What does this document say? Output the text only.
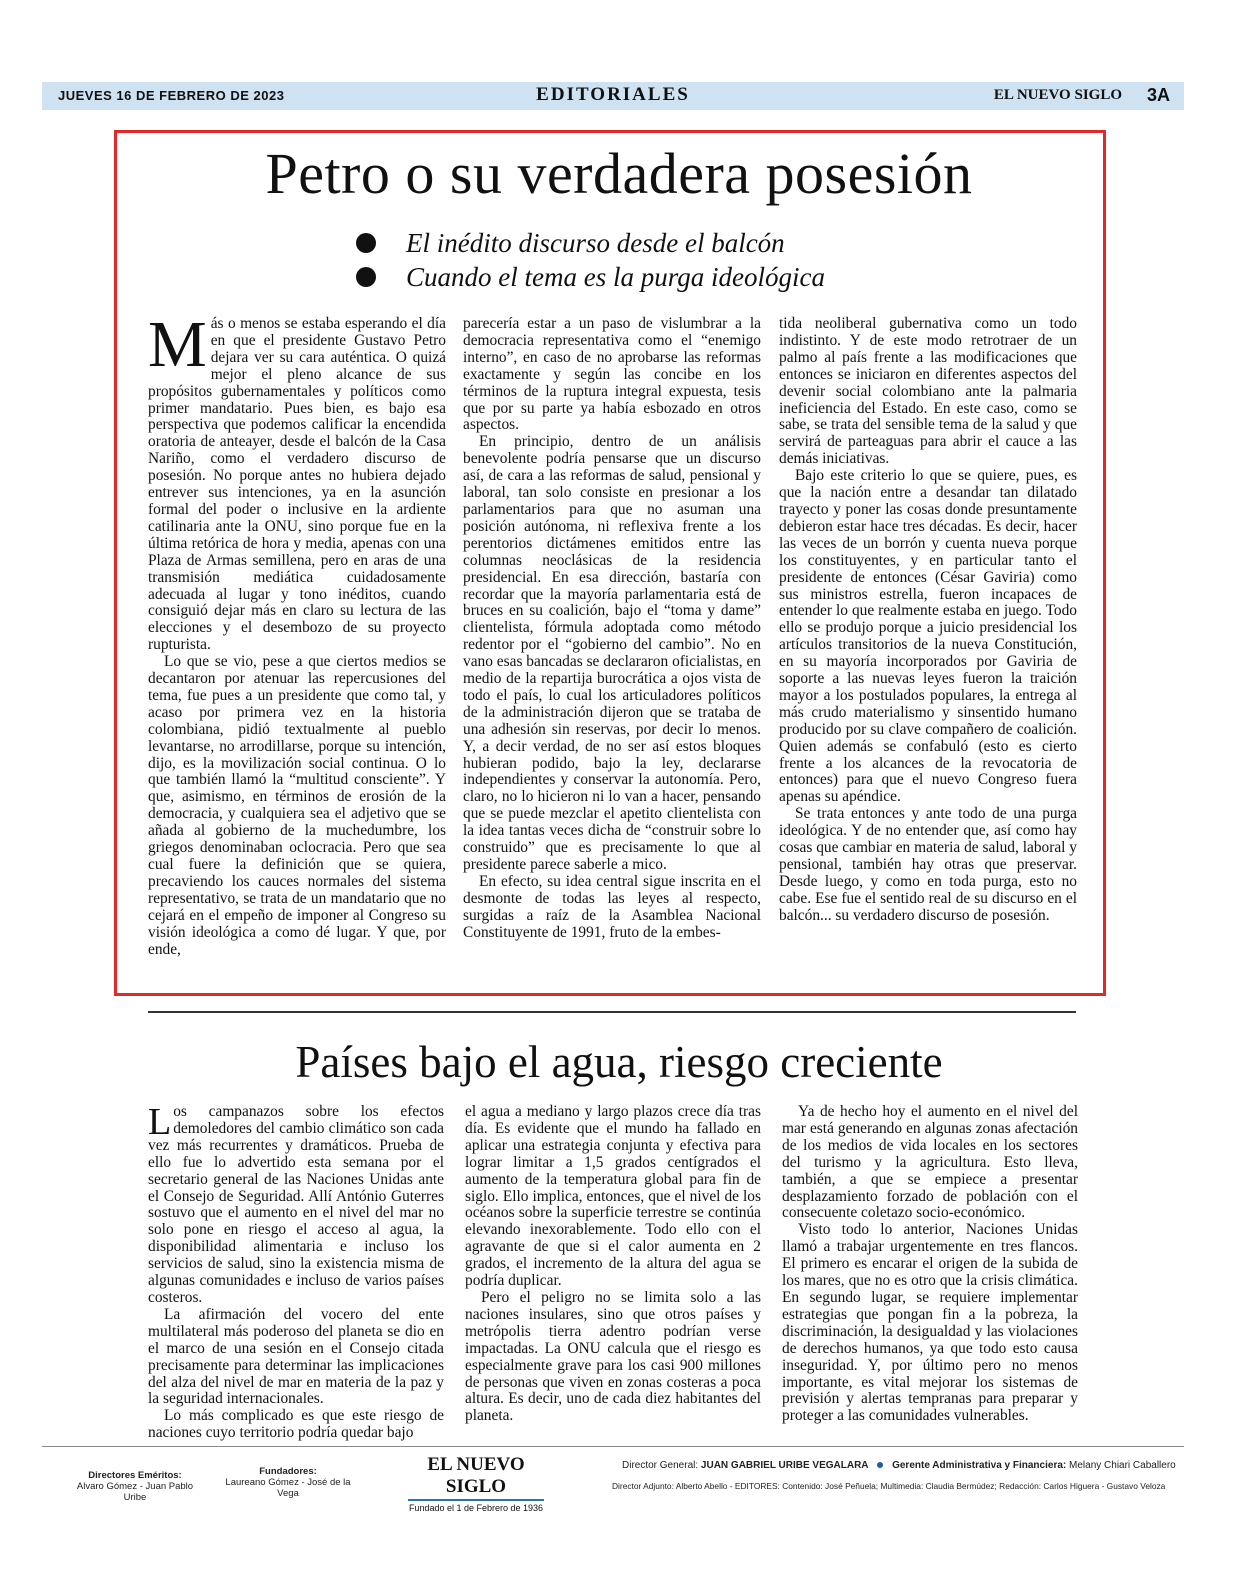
JUEVES 16 DE FEBRERO DE 2023	EDITORIALES	EL NUEVO SIGLO 3A
Petro o su verdadera posesión
El inédito discurso desde el balcón
Cuando el tema es la purga ideológica

Más o menos se estaba esperando el día en que el presidente Gustavo Petro dejara ver su cara auténtica. O quizá mejor el pleno alcance de sus propósitos gubernamentales y políticos como primer mandatario. Pues bien, es bajo esa perspectiva que podemos calificar la encendida oratoria de anteayer, desde el balcón de la Casa Nariño, como el verdadero discurso de posesión. No porque antes no hubiera dejado entrever sus intenciones, ya en la asunción formal del poder o inclusive en la ardiente catilinaria ante la ONU, sino porque fue en la última retórica de hora y media, apenas con una Plaza de Armas semillena, pero en aras de una transmisión mediática cuidadosamente adecuada al lugar y tono inéditos, cuando consiguió dejar más en claro su lectura de las elecciones y el desembozo de su proyecto rupturista.

Lo que se vio, pese a que ciertos medios se decantaron por atenuar las repercusiones del tema, fue pues a un presidente que como tal, y acaso por primera vez en la historia colombiana, pidió textualmente al pueblo levantarse, no arrodillarse, porque su intención, dijo, es la movilización social continua. O lo que también llamó la “multitud consciente”. Y que, asimismo, en términos de erosión de la democracia, y cualquiera sea el adjetivo que se añada al gobierno de la muchedumbre, los griegos denominaban oclocracia. Pero que sea cual fuere la definición que se quiera, precaviendo los cauces normales del sistema representativo, se trata de un mandatario que no cejará en el empeño de imponer al Congreso su visión ideológica a como dé lugar. Y que, por ende,

parecería estar a un paso de vislumbrar a la democracia representativa como el “enemigo interno”, en caso de no aprobarse las reformas exactamente y según las concibe en los términos de la ruptura integral expuesta, tesis que por su parte ya había esbozado en otros aspectos.

En principio, dentro de un análisis benevolente podría pensarse que un discurso así, de cara a las reformas de salud, pensional y laboral, tan solo consiste en presionar a los parlamentarios para que no asuman una posición autónoma, ni reflexiva frente a los perentorios dictámenes emitidos entre las columnas neoclásicas de la residencia presidencial. En esa dirección, bastaría con recordar que la mayoría parlamentaria está de bruces en su coalición, bajo el “toma y dame” clientelista, fórmula adoptada como método redentor por el “gobierno del cambio”. No en vano esas bancadas se declararon oficialistas, en medio de la repartija burocrática a ojos vista de todo el país, lo cual los articuladores políticos de la administración dijeron que se trataba de una adhesión sin reservas, por decir lo menos. Y, a decir verdad, de no ser así estos bloques hubieran podido, bajo la ley, declararse independientes y conservar la autonomía. Pero, claro, no lo hicieron ni lo van a hacer, pensando que se puede mezclar el apetito clientelista con la idea tantas veces dicha de “construir sobre lo construido” que es precisamente lo que al presidente parece saberle a mico.

En efecto, su idea central sigue inscrita en el desmonte de todas las leyes al respecto, surgidas a raíz de la Asamblea Nacional Constituyente de 1991, fruto de la embes-

tida neoliberal gubernativa como un todo indistinto. Y de este modo retrotraer de un palmo al país frente a las modificaciones que entonces se iniciaron en diferentes aspectos del devenir social colombiano ante la palmaria ineficiencia del Estado. En este caso, como se sabe, se trata del sensible tema de la salud y que servirá de parteaguas para abrir el cauce a las demás iniciativas.

Bajo este criterio lo que se quiere, pues, es que la nación entre a desandar tan dilatado trayecto y poner las cosas donde presuntamente debieron estar hace tres décadas. Es decir, hacer las veces de un borrón y cuenta nueva porque los constituyentes, y en particular tanto el presidente de entonces (César Gaviria) como sus ministros estrella, fueron incapaces de entender lo que realmente estaba en juego. Todo ello se produjo porque a juicio presidencial los artículos transitorios de la nueva Constitución, en su mayoría incorporados por Gaviria de soporte a las nuevas leyes fueron la traición mayor a los postulados populares, la entrega al más crudo materialismo y sinsentido humano producido por su clave compañero de coalición. Quien además se confabuló (esto es cierto frente a los alcances de la revocatoria de entonces) para que el nuevo Congreso fuera apenas su apéndice.

Se trata entonces y ante todo de una purga ideológica. Y de no entender que, así como hay cosas que cambiar en materia de salud, laboral y pensional, también hay otras que preservar. Desde luego, y como en toda purga, esto no cabe. Ese fue el sentido real de su discurso en el balcón... su verdadero discurso de posesión.

Países bajo el agua, riesgo creciente

Los campanazos sobre los efectos demoledores del cambio climático son cada vez más recurrentes y dramáticos. Prueba de ello fue lo advertido esta semana por el secretario general de las Naciones Unidas ante el Consejo de Seguridad. Allí António Guterres sostuvo que el aumento en el nivel del mar no solo pone en riesgo el acceso al agua, la disponibilidad alimentaria e incluso los servicios de salud, sino la existencia misma de algunas comunidades e incluso de varios países costeros.

La afirmación del vocero del ente multilateral más poderoso del planeta se dio en el marco de una sesión en el Consejo citada precisamente para determinar las implicaciones del alza del nivel de mar en materia de la paz y la seguridad internacionales.

Lo más complicado es que este riesgo de naciones cuyo territorio podría quedar bajo

el agua a mediano y largo plazos crece día tras día. Es evidente que el mundo ha fallado en aplicar una estrategia conjunta y efectiva para lograr limitar a 1,5 grados centígrados el aumento de la temperatura global para fin de siglo. Ello implica, entonces, que el nivel de los océanos sobre la superficie terrestre se continúa elevando inexorablemente. Todo ello con el agravante de que si el calor aumenta en 2 grados, el incremento de la altura del agua se podría duplicar.

Pero el peligro no se limita solo a las naciones insulares, sino que otros países y metrópolis tierra adentro podrían verse impactadas. La ONU calcula que el riesgo es especialmente grave para los casi 900 millones de personas que viven en zonas costeras a poca altura. Es decir, uno de cada diez habitantes del planeta.

Ya de hecho hoy el aumento en el nivel del mar está generando en algunas zonas afectación de los medios de vida locales en los sectores del turismo y la agricultura. Esto lleva, también, a que se empiece a presentar desplazamiento forzado de población con el consecuente coletazo socio-económico.

Visto todo lo anterior, Naciones Unidas llamó a trabajar urgentemente en tres flancos. El primero es encarar el origen de la subida de los mares, que no es otro que la crisis climática. En segundo lugar, se requiere implementar estrategias que pongan fin a la pobreza, la discriminación, la desigualdad y las violaciones de derechos humanos, ya que todo esto causa inseguridad. Y, por último pero no menos importante, es vital mejorar los sistemas de previsión y alertas tempranas para preparar y proteger a las comunidades vulnerables.

Directores Eméritos:
Alvaro Gómez - Juan Pablo Uribe
Fundadores:
Laureano Gómez - José de la Vega
EL NUEVO SIGLO
Fundado el 1 de Febrero de 1936
Director General: JUAN GABRIEL URIBE VEGALARA Gerente Administrativa y Financiera: Melany Chiari Caballero
Director Adjunto: Alberto Abello - EDITORES: Contenido: José Peñuela; Multimedia: Claudia Bermúdez; Redacción: Carlos Higuera - Gustavo Veloza
